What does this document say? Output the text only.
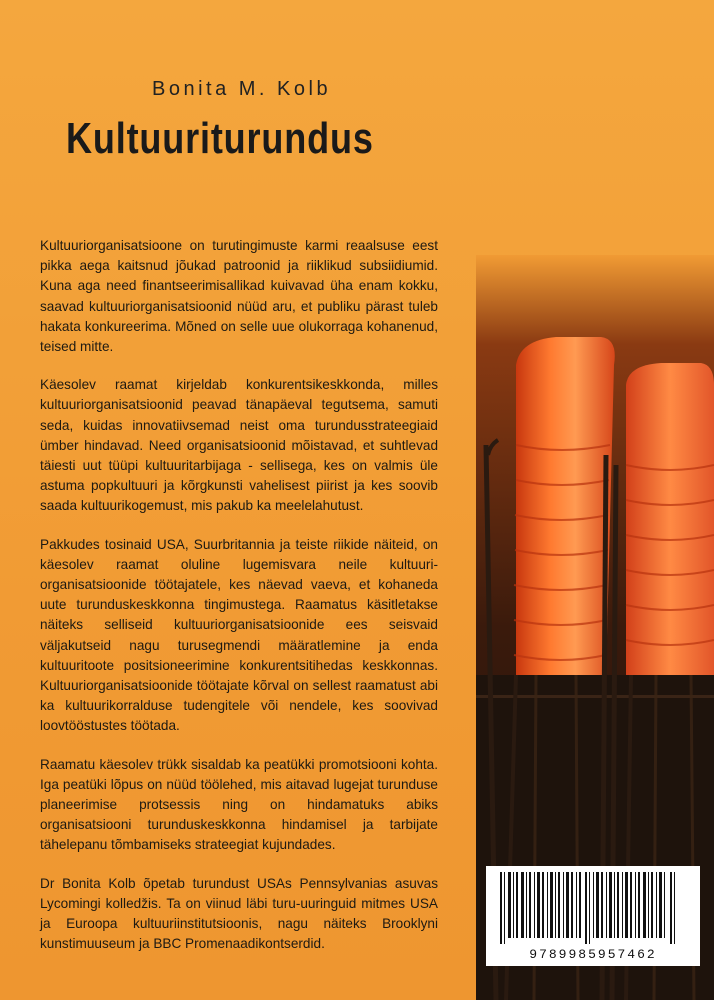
Bonita M. Kolb
Kultuuriturundus

Kultuuriorganisatsioone on turutingimuste karmi reaalsuse eest pikka aega kaitsnud jõukad patroonid ja riiklikud subsiidiumid. Kuna aga need finantseerimisallikad kuivavad üha enam kokku, saavad kultuuriorganisatsioonid nüüd aru, et publiku pärast tuleb hakata konkureerima. Mõned on selle uue olukorraga kohanenud, teised mitte.

Käesolev raamat kirjeldab konkurentsikeskkonda, milles kultuuriorganisatsioonid peavad tänapäeval tegutsema, samuti seda, kuidas innovatiivsemad neist oma turundusstrateegiaid ümber hindavad. Need organisatsioonid mõistavad, et suhtlevad täiesti uut tüüpi kultuuritarbijaga - sellisega, kes on valmis üle astuma popkultuuri ja kõrgkunsti vahelisest piirist ja kes soovib saada kultuurikogemust, mis pakub ka meelelahutust.

Pakkudes tosinaid USA, Suurbritannia ja teiste riikide näiteid, on käesolev raamat oluline lugemisvara neile kultuuri-organisatsioonide töötajatele, kes näevad vaeva, et kohaneda uute turunduskeskkonna tingimustega. Raamatus käsitletakse näiteks selliseid kultuuriorganisatsioonide ees seisvaid väljakutseid nagu turusegmendi määratlemine ja enda kultuuritoote positsioneerimine konkurentsitihedas keskkonnas. Kultuuriorganisatsioonide töötajate kõrval on sellest raamatust abi ka kultuurikorralduse tudengitele või nendele, kes soovivad loovtööstustes töötada.

Raamatu käesolev trükk sisaldab ka peatükki promotsiooni kohta. Iga peatüki lõpus on nüüd töölehed, mis aitavad lugejat turunduse planeerimise protsessis ning on hindamatuks abiks organisatsiooni turunduskeskkonna hindamisel ja tarbijate tähelepanu tõmbamiseks strateegiat kujundades.

Dr Bonita Kolb õpetab turundust USAs Pennsylvanias asuvas Lycomingi kolledžis. Ta on viinud läbi turu-uuringuid mitmes USA ja Euroopa kultuuriinstitutsioonis, nagu näiteks Brooklyni kunstimuuseum ja BBC Promenaadikontserdid.

9789985957462
